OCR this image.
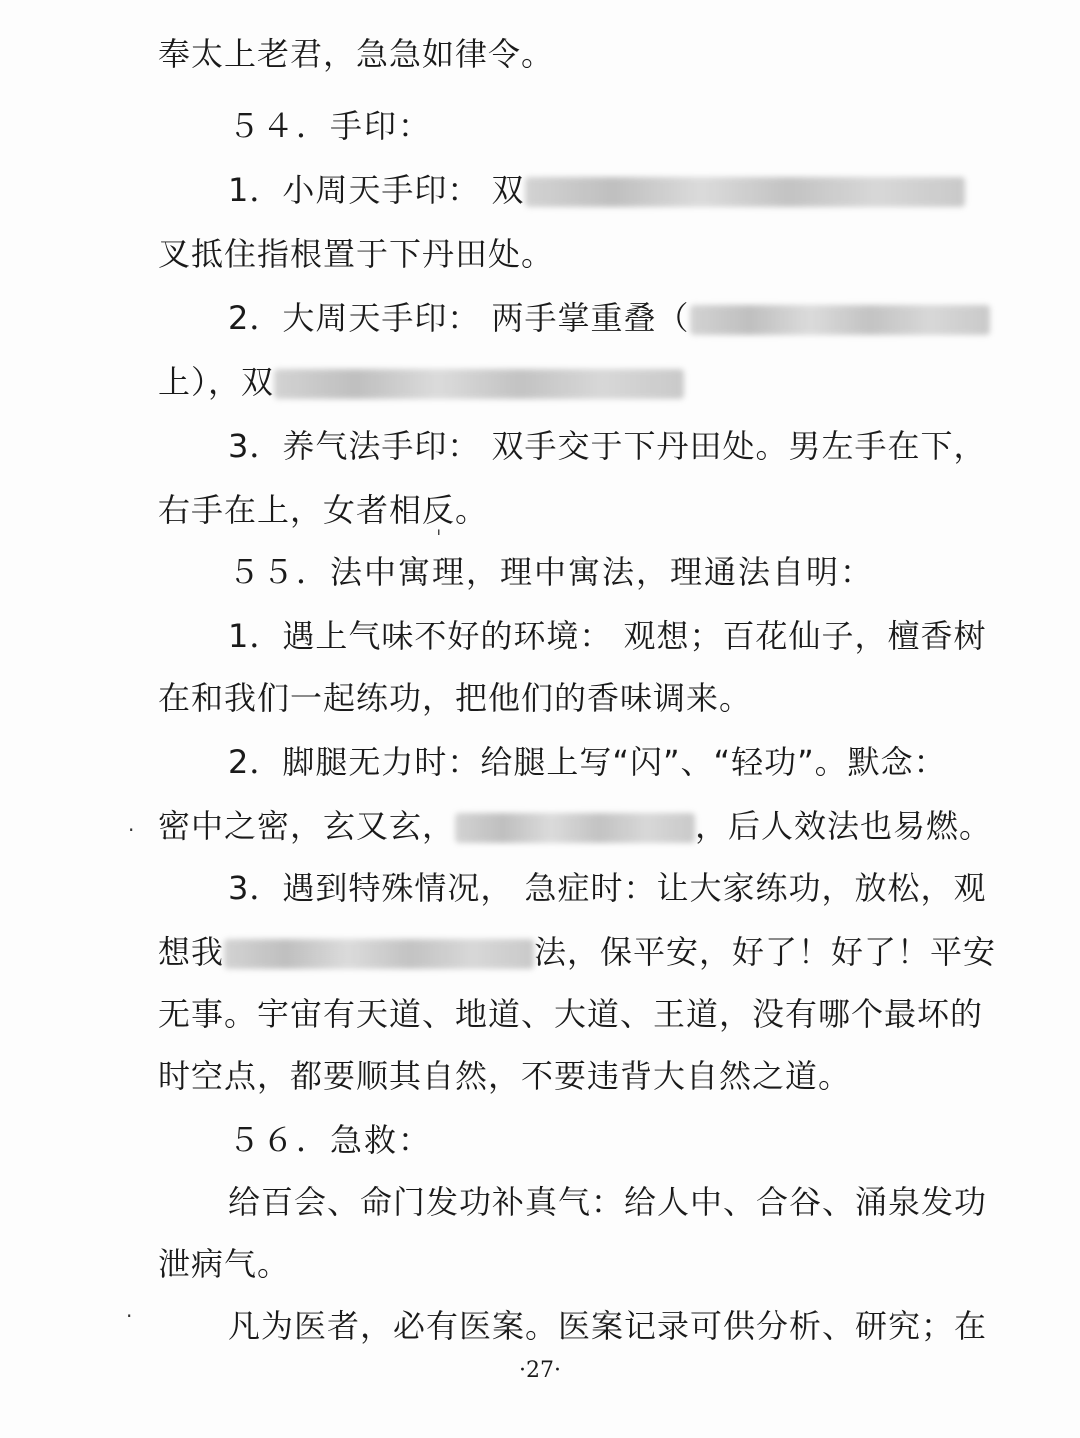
奉太上老君，急急如律令。
５４．手印：
1．小周天手印： 双
叉抵住指根置于下丹田处。
2．大周天手印： 两手掌重叠（
上），双
3．养气法手印： 双手交于下丹田处。男左手在下，
右手在上，女者相反。
５５．法中寓理，理中寓法，理通法自明：
1．遇上气味不好的环境： 观想；百花仙子，檀香树
在和我们一起练功，把他们的香味调来。
2．脚腿无力时：给腿上写“闪”、“轻功”。默念：
密中之密，玄又玄，	，后人效法也易燃。
3．遇到特殊情况， 急症时：让大家练功，放松，观
想我	法，保平安，好了！好了！平安
无事。宇宙有天道、地道、大道、王道，没有哪个最坏的
时空点，都要顺其自然，不要违背大自然之道。
５６．急救：
给百会、命门发功补真气：给人中、合谷、涌泉发功
泄病气。
凡为医者，必有医案。医案记录可供分析、研究；在
ˈ
.
.
·27·
